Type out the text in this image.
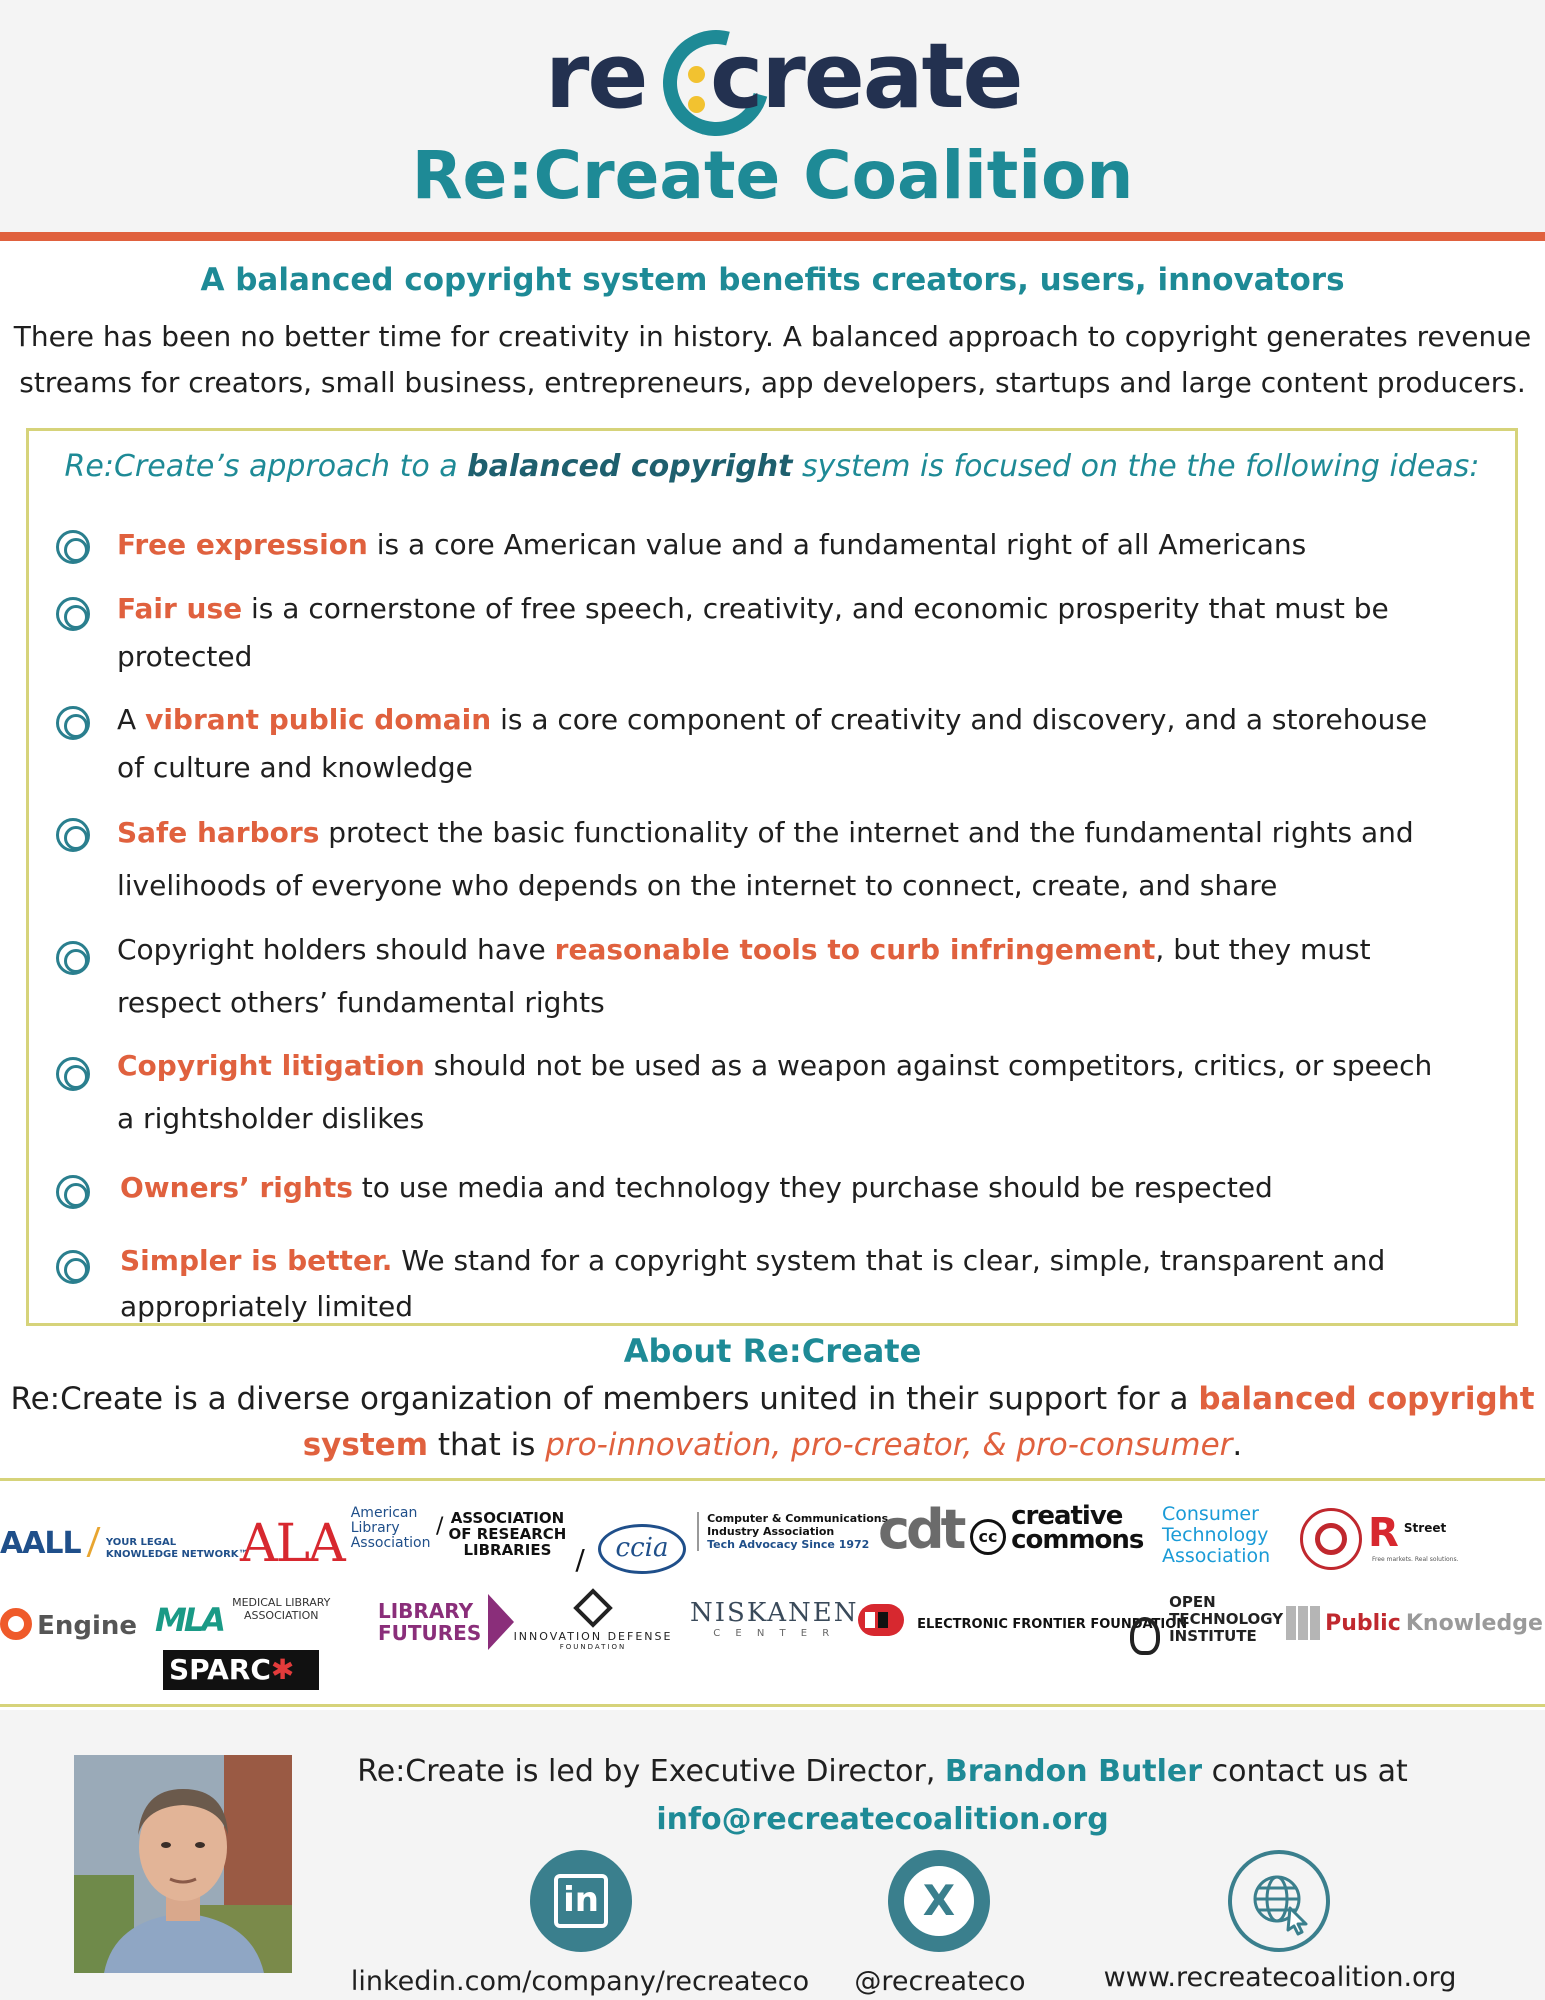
re create
Re:Create Coalition
A balanced copyright system benefits creators, users, innovators
There has been no better time for creativity in history. A balanced approach to copyright generates revenue
streams for creators, small business, entrepreneurs, app developers, startups and large content producers.
Re:Create’s approach to a balanced copyright system is focused on the the following ideas:
Free expression is a core American value and a fundamental right of all Americans
Fair use is a cornerstone of free speech, creativity, and economic prosperity that must be protected
A vibrant public domain is a core component of creativity and discovery, and a storehouse of culture and knowledge
Safe harbors protect the basic functionality of the internet and the fundamental rights and livelihoods of everyone who depends on the internet to connect, create, and share
Copyright holders should have reasonable tools to curb infringement, but they must respect others’ fundamental rights
Copyright litigation should not be used as a weapon against competitors, critics, or speech a rightsholder dislikes
Owners’ rights to use media and technology they purchase should be respected
Simpler is better. We stand for a copyright system that is clear, simple, transparent and appropriately limited
About Re:Create
Re:Create is a diverse organization of members united in their support for a balanced copyright
system that is pro-innovation, pro-creator, & pro-consumer.
AALL	YOUR LEGAL
KNOWLEDGE NETWORK™
ALA American
Library
Association
/ ASSOCIATION
OF RESEARCH
LIBRARIES /	ccia Computer & Communications
Industry Association
Tech Advocacy Since 1972 cdt	cc creative
commons
Consumer
Technology
Association R $^{Street}$
Free markets. Real solutions.
Engine MLA MEDICAL LIBRARY
ASSOCIATION	LIBRARY
FUTURES	INNOVATION DEFENSE
FOUNDATION
NISKANEN
C E N T E R
ELECTRONIC FRONTIER FOUNDATION
OPEN
TECHNOLOGY
INSTITUTE	Public Knowledge
SPARC✱
Re:Create is led by Executive Director, Brandon Butler contact us at
info@recreatecoalition.org
in
linkedin.com/company/recreateco
X
@recreateco	www.recreatecoalition.org
